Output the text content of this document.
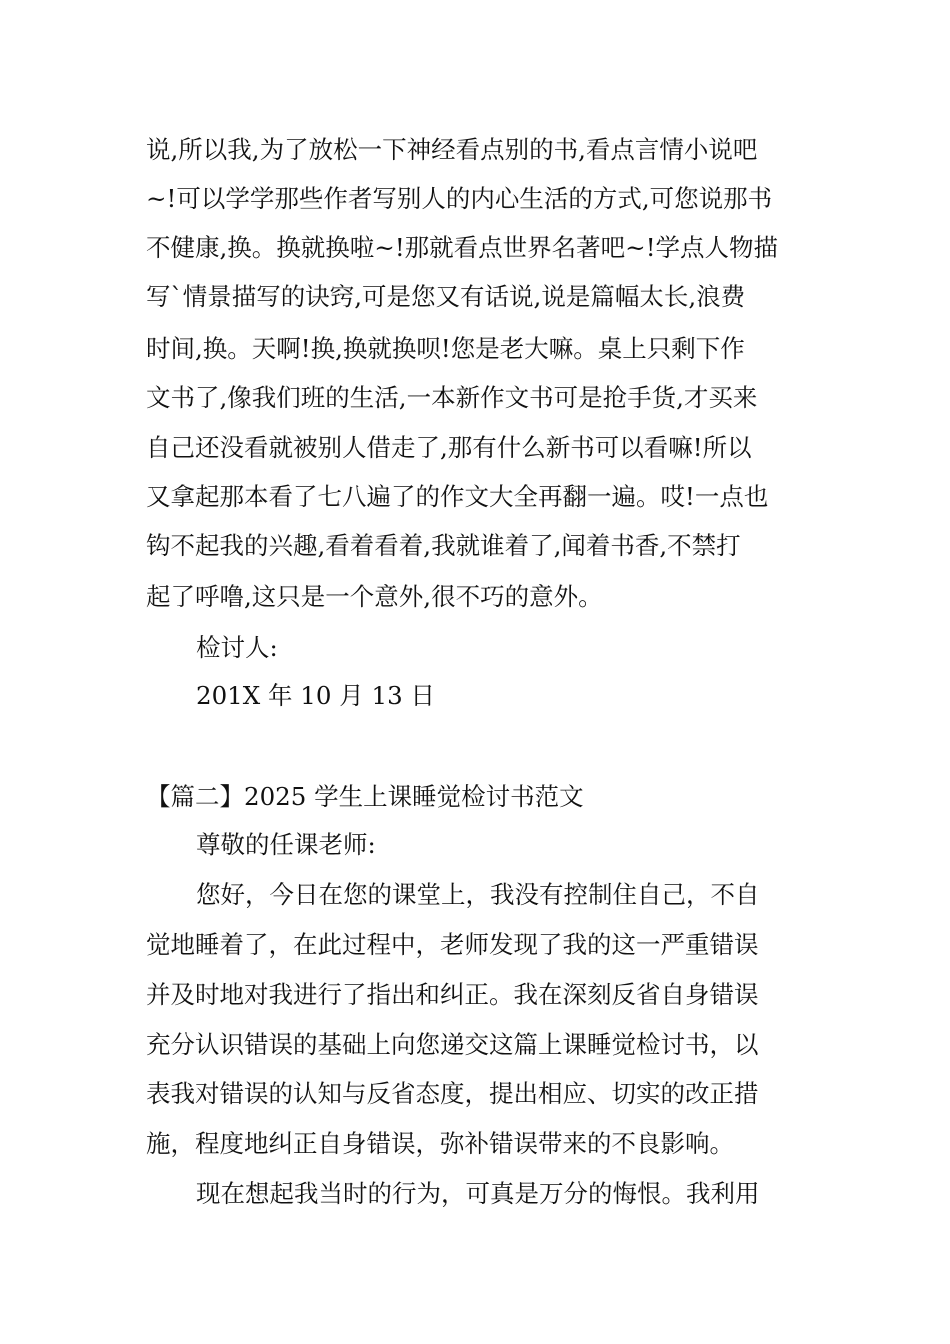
说,所以我,为了放松一下神经看点别的书,看点言情小说吧
~!可以学学那些作者写别人的内心生活的方式,可您说那书
不健康,换。换就换啦~!那就看点世界名著吧~!学点人物描
写`情景描写的诀窍,可是您又有话说,说是篇幅太长,浪费
时间,换。天啊!换,换就换呗!您是老大嘛。桌上只剩下作
文书了,像我们班的生活,一本新作文书可是抢手货,才买来
自己还没看就被别人借走了,那有什么新书可以看嘛!所以
又拿起那本看了七八遍了的作文大全再翻一遍。哎!一点也
钩不起我的兴趣,看着看着,我就谁着了,闻着书香,不禁打
起了呼噜,这只是一个意外,很不巧的意外。
检讨人:
201X 年 10 月 13 日
【篇二】2025 学生上课睡觉检讨书范文
尊敬的任课老师:
您好，今日在您的课堂上，我没有控制住自己，不自
觉地睡着了，在此过程中，老师发现了我的这一严重错误
并及时地对我进行了指出和纠正。我在深刻反省自身错误
充分认识错误的基础上向您递交这篇上课睡觉检讨书，以
表我对错误的认知与反省态度，提出相应、切实的改正措
施，程度地纠正自身错误，弥补错误带来的不良影响。
现在想起我当时的行为，可真是万分的悔恨。我利用
